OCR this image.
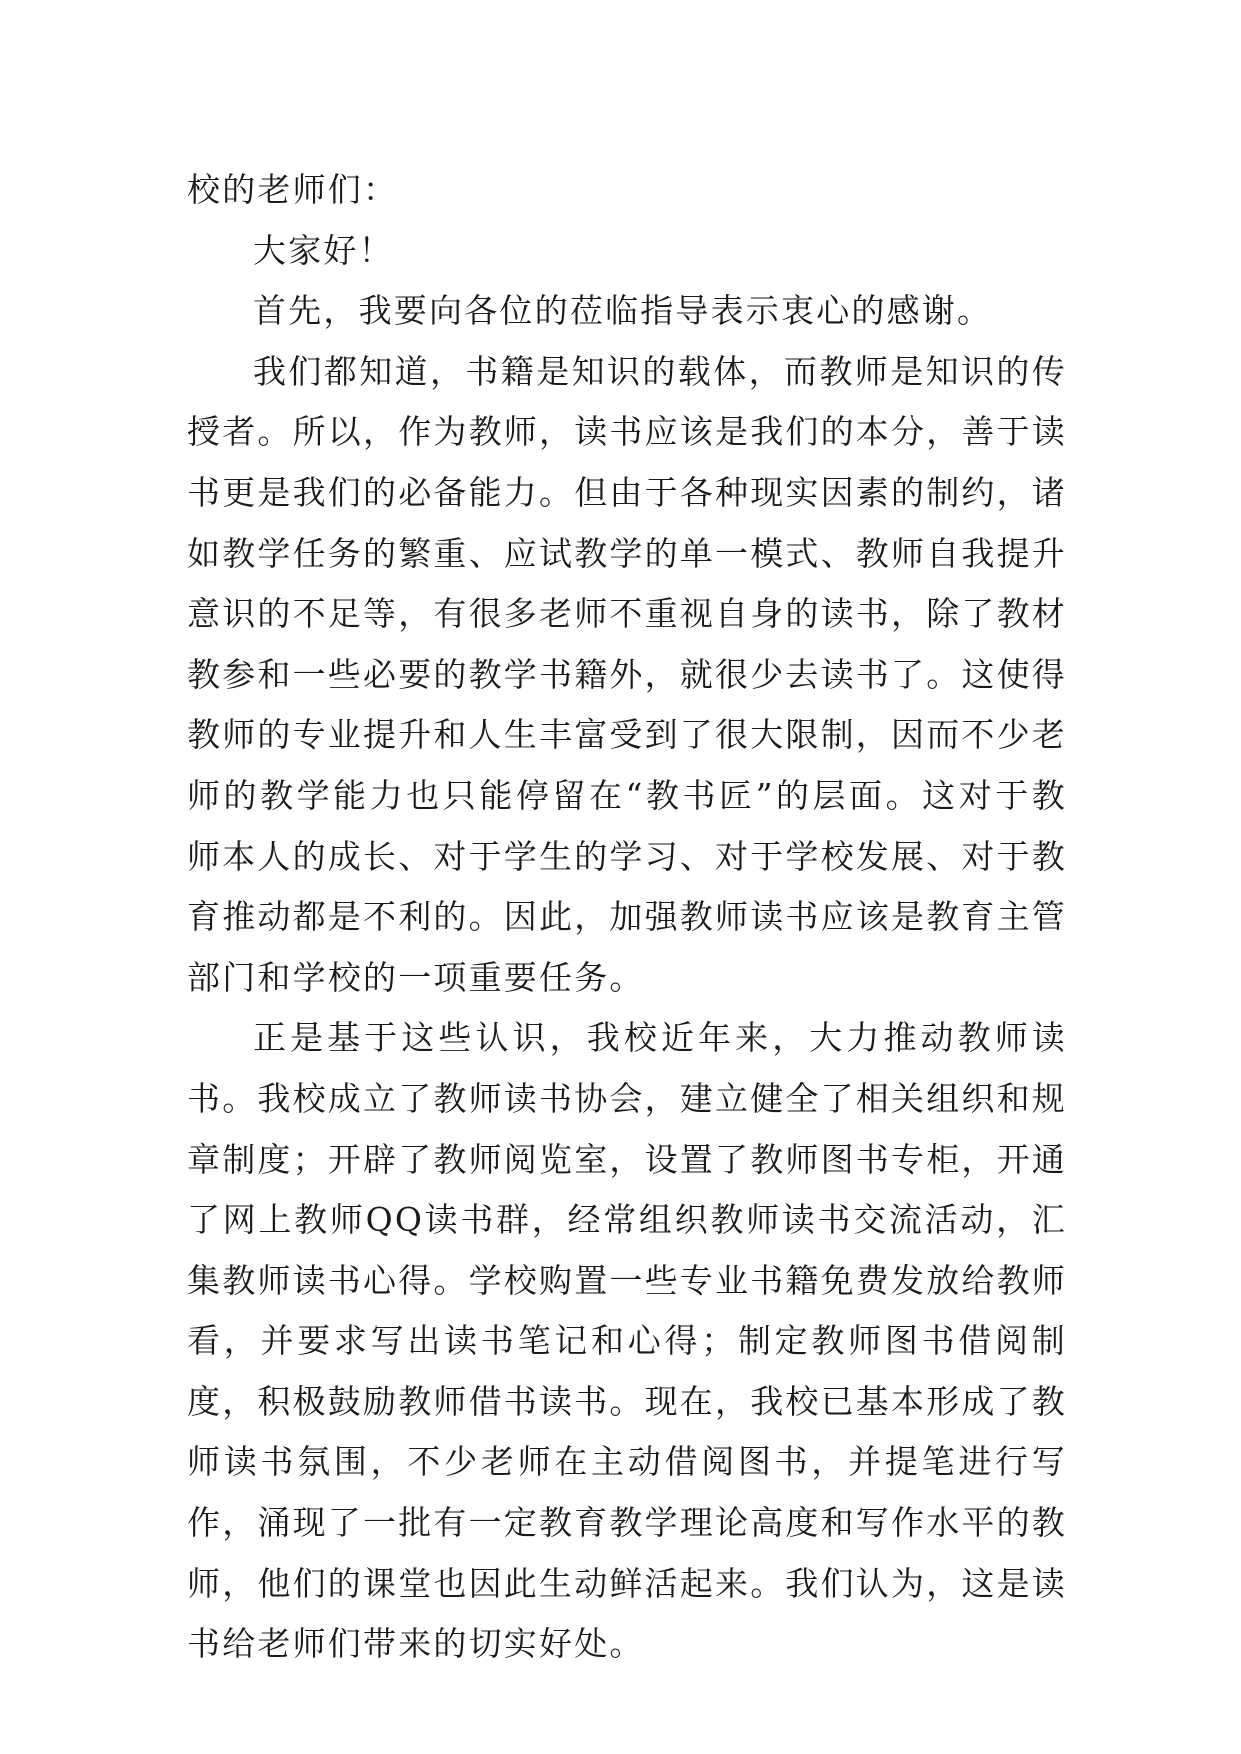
校的老师们：

大家好！

首先，我要向各位的莅临指导表示衷心的感谢。

我们都知道，书籍是知识的载体，而教师是知识的传授者。所以，作为教师，读书应该是我们的本分，善于读书更是我们的必备能力。但由于各种现实因素的制约，诸如教学任务的繁重、应试教学的单一模式、教师自我提升意识的不足等，有很多老师不重视自身的读书，除了教材教参和一些必要的教学书籍外，就很少去读书了。这使得教师的专业提升和人生丰富受到了很大限制，因而不少老师的教学能力也只能停留在“教书匠”的层面。这对于教师本人的成长、对于学生的学习、对于学校发展、对于教育推动都是不利的。因此，加强教师读书应该是教育主管部门和学校的一项重要任务。

正是基于这些认识，我校近年来，大力推动教师读书。我校成立了教师读书协会，建立健全了相关组织和规章制度；开辟了教师阅览室，设置了教师图书专柜，开通了网上教师QQ读书群，经常组织教师读书交流活动，汇集教师读书心得。学校购置一些专业书籍免费发放给教师看，并要求写出读书笔记和心得；制定教师图书借阅制度，积极鼓励教师借书读书。现在，我校已基本形成了教师读书氛围，不少老师在主动借阅图书，并提笔进行写作，涌现了一批有一定教育教学理论高度和写作水平的教师，他们的课堂也因此生动鲜活起来。我们认为，这是读书给老师们带来的切实好处。
